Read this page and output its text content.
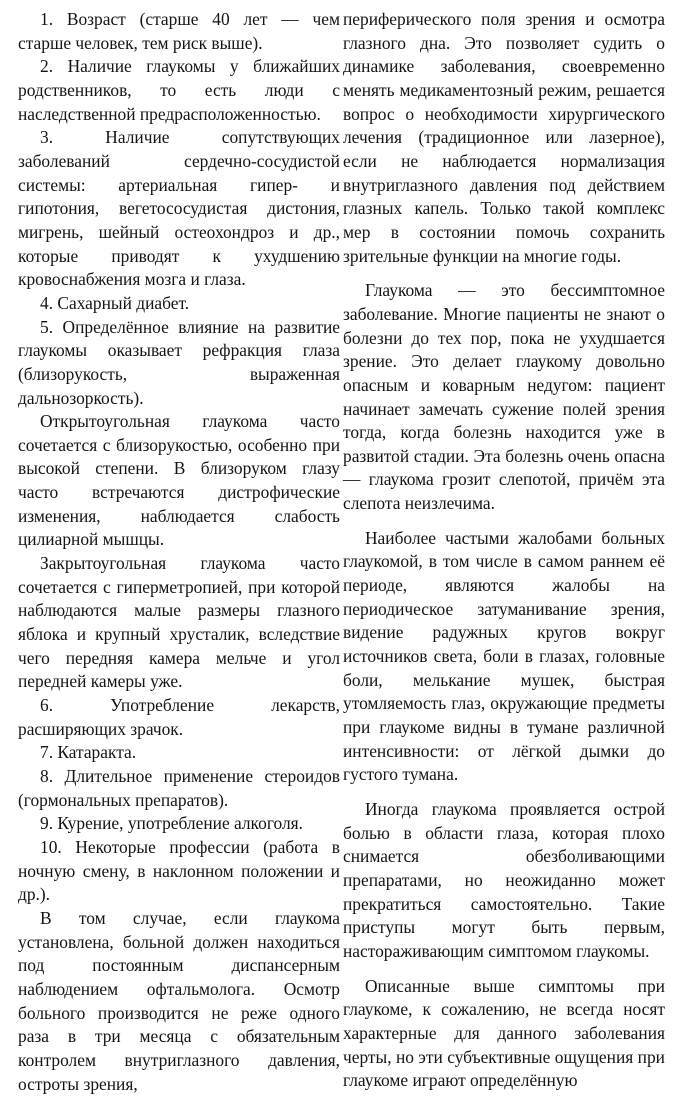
1. Возраст (старше 40 лет — чем старше человек, тем риск выше).

2. Наличие глаукомы у ближайших родственников, то есть люди с наследственной предрасположенностью.

3. Наличие сопутствующих заболеваний сердечно-сосудистой системы: артериальная гипер- и гипотония, вегетососудистая дистония, мигрень, шейный остеохондроз и др., которые приводят к ухудшению кровоснабжения мозга и глаза.

4. Сахарный диабет.

5. Определённое влияние на развитие глаукомы оказывает рефракция глаза (близорукость, выраженная дальнозоркость).

Открытоугольная глаукома часто сочетается с близорукостью, особенно при высокой степени. В близоруком глазу часто встречаются дистрофические изменения, наблюдается слабость цилиарной мышцы.

Закрытоугольная глаукома часто сочетается с гиперметропией, при которой наблюдаются малые размеры глазного яблока и крупный хрусталик, вследствие чего передняя камера мельче и угол передней камеры уже.

6. Употребление лекарств, расширяющих зрачок.

7. Катаракта.

8. Длительное применение стероидов (гормональных препаратов).

9. Курение, употребление алкоголя.

10. Некоторые профессии (работа в ночную смену, в наклонном положении и др.).

В том случае, если глаукома установлена, больной должен находиться под постоянным диспансерным наблюдением офтальмолога. Осмотр больного производится не реже одного раза в три месяца с обязательным контролем внутриглазного давления, остроты зрения,

периферического поля зрения и осмотра глазного дна. Это позволяет судить о динамике заболевания, своевременно менять медикаментозный режим, решается вопрос о необходимости хирургического лечения (традиционное или лазерное), если не наблюдается нормализация внутриглазного давления под действием глазных капель. Только такой комплекс мер в состоянии помочь сохранить зрительные функции на многие годы.

Глаукома — это бессимптомное заболевание. Многие пациенты не знают о болезни до тех пор, пока не ухудшается зрение. Это делает глаукому довольно опасным и коварным недугом: пациент начинает замечать сужение полей зрения тогда, когда болезнь находится уже в развитой стадии. Эта болезнь очень опасна — глаукома грозит слепотой, причём эта слепота неизлечима.

Наиболее частыми жалобами больных глаукомой, в том числе в самом раннем её периоде, являются жалобы на периодическое затуманивание зрения, видение радужных кругов вокруг источников света, боли в глазах, головные боли, мелькание мушек, быстрая утомляемость глаз, окружающие предметы при глаукоме видны в тумане различной интенсивности: от лёгкой дымки до густого тумана.

Иногда глаукома проявляется острой болью в области глаза, которая плохо снимается обезболивающими препаратами, но неожиданно может прекратиться самостоятельно. Такие приступы могут быть первым, настораживающим симптомом глаукомы.

Описанные выше симптомы при глаукоме, к сожалению, не всегда носят характерные для данного заболевания черты, но эти субъективные ощущения при глаукоме играют определённую
